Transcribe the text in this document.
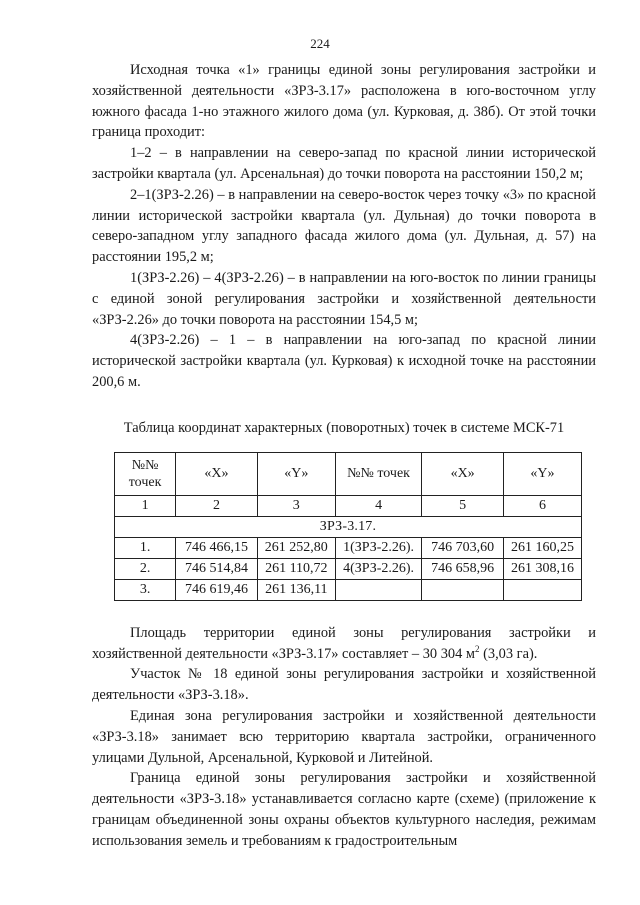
224

Исходная точка «1» границы единой зоны регулирования застройки и хозяйственной деятельности «ЗРЗ-3.17» расположена в юго-восточном углу южного фасада 1-но этажного жилого дома (ул. Курковая, д. 38б). От этой точки граница проходит:

1–2 – в направлении на северо-запад по красной линии исторической застройки квартала (ул. Арсенальная) до точки поворота на расстоянии 150,2 м;

2–1(ЗРЗ-2.26) – в направлении на северо-восток через точку «3» по красной линии исторической застройки квартала (ул. Дульная) до точки поворота в северо-западном углу западного фасада жилого дома (ул. Дульная, д. 57) на расстоянии 195,2 м;

1(ЗРЗ-2.26) – 4(ЗРЗ-2.26) – в направлении на юго-восток по линии границы с единой зоной регулирования застройки и хозяйственной деятельности «ЗРЗ-2.26» до точки поворота на расстоянии 154,5 м;

4(ЗРЗ-2.26) – 1 – в направлении на юго-запад по красной линии исторической застройки квартала (ул. Курковая) к исходной точке на расстоянии 200,6 м.

Таблица координат характерных (поворотных) точек в системе МСК-71
№№ точек	«X»	«Y»	№№ точек	«X»	«Y»
1	2	3	4	5	6
ЗРЗ-3.17.					
1.	746 466,15	261 252,80	1(ЗРЗ-2.26).	746 703,60	261 160,25
2.	746 514,84	261 110,72	4(ЗРЗ-2.26).	746 658,96	261 308,16
3.	746 619,46	261 136,11			

Площадь территории единой зоны регулирования застройки и хозяйственной деятельности «ЗРЗ-3.17» составляет – 30 304 $м^2$ (3,03 га).

Участок № 18 единой зоны регулирования застройки и хозяйственной деятельности «ЗРЗ-3.18».

Единая зона регулирования застройки и хозяйственной деятельности «ЗРЗ-3.18» занимает всю территорию квартала застройки, ограниченного улицами Дульной, Арсенальной, Курковой и Литейной.

Граница единой зоны регулирования застройки и хозяйственной деятельности «ЗРЗ-3.18» устанавливается согласно карте (схеме) (приложение к границам объединенной зоны охраны объектов культурного наследия, режимам использования земель и требованиям к градостроительным
